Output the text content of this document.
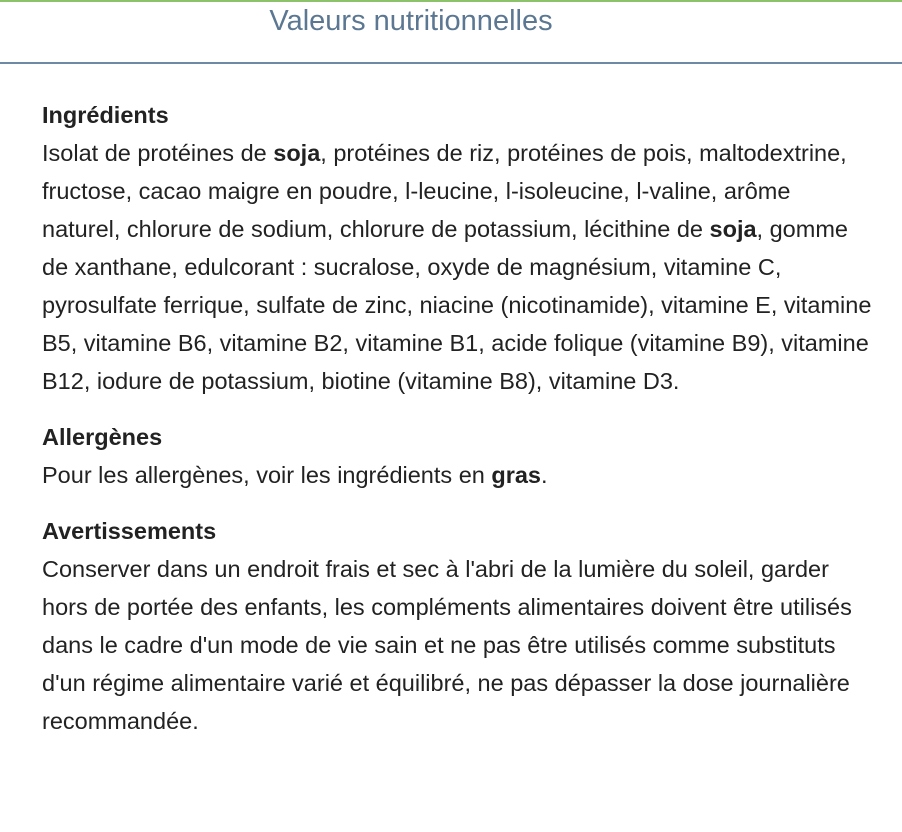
Valeurs nutritionnelles
Ingrédients

Isolat de protéines de soja, protéines de riz, protéines de pois, maltodextrine, fructose, cacao maigre en poudre, l-leucine, l-isoleucine, l-valine, arôme naturel, chlorure de sodium, chlorure de potassium, lécithine de soja, gomme de xanthane, edulcorant : sucralose, oxyde de magnésium, vitamine C, pyrosulfate ferrique, sulfate de zinc, niacine (nicotinamide), vitamine E, vitamine B5, vitamine B6, vitamine B2, vitamine B1, acide folique (vitamine B9), vitamine B12, iodure de potassium, biotine (vitamine B8), vitamine D3.

Allergènes

Pour les allergènes, voir les ingrédients en gras.

Avertissements

Conserver dans un endroit frais et sec à l'abri de la lumière du soleil, garder hors de portée des enfants, les compléments alimentaires doivent être utilisés dans le cadre d'un mode de vie sain et ne pas être utilisés comme substituts d'un régime alimentaire varié et équilibré, ne pas dépasser la dose journalière recommandée.
